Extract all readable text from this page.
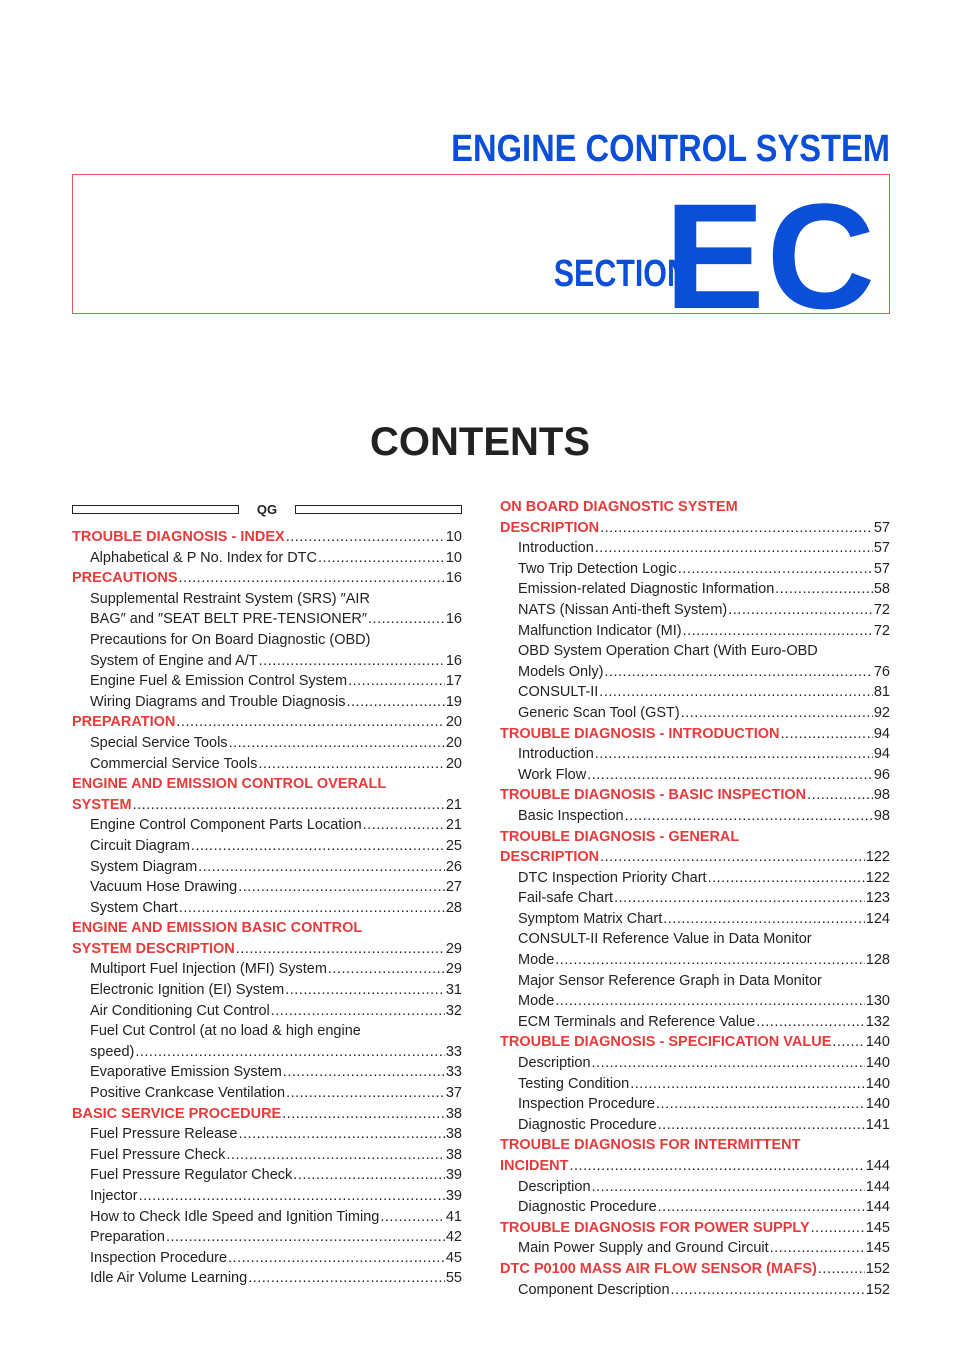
ENGINE CONTROL SYSTEM
SECTION
EC
CONTENTS
QG
TROUBLE DIAGNOSIS - INDEX .....	10
Alphabetical & P No. Index for DTC .....	10
PRECAUTIONS .....	16
Supplemental Restraint System (SRS) ″AIR
BAG″ and ″SEAT BELT PRE-TENSIONER″ .....	16
Precautions for On Board Diagnostic (OBD)
System of Engine and A/T .....	16
Engine Fuel & Emission Control System .....	17
Wiring Diagrams and Trouble Diagnosis .....	19
PREPARATION .....	20
Special Service Tools .....	20
Commercial Service Tools .....	20
ENGINE AND EMISSION CONTROL OVERALL
SYSTEM .....	21
Engine Control Component Parts Location .....	21
Circuit Diagram .....	25
System Diagram .....	26
Vacuum Hose Drawing .....	27
System Chart .....	28
ENGINE AND EMISSION BASIC CONTROL
SYSTEM DESCRIPTION .....	29
Multiport Fuel Injection (MFI) System .....	29
Electronic Ignition (EI) System .....	31
Air Conditioning Cut Control .....	32
Fuel Cut Control (at no load & high engine
speed) .....	33
Evaporative Emission System .....	33
Positive Crankcase Ventilation .....	37
BASIC SERVICE PROCEDURE .....	38
Fuel Pressure Release .....	38
Fuel Pressure Check .....	38
Fuel Pressure Regulator Check .....	39
Injector .....	39
How to Check Idle Speed and Ignition Timing .....	41
Preparation .....	42
Inspection Procedure .....	45
Idle Air Volume Learning .....	55
ON BOARD DIAGNOSTIC SYSTEM
DESCRIPTION .....	57
Introduction .....	57
Two Trip Detection Logic .....	57
Emission-related Diagnostic Information .....	58
NATS (Nissan Anti-theft System) .....	72
Malfunction Indicator (MI) .....	72
OBD System Operation Chart (With Euro-OBD
Models Only) .....	76
CONSULT-II .....	81
Generic Scan Tool (GST) .....	92
TROUBLE DIAGNOSIS - INTRODUCTION .....	94
Introduction .....	94
Work Flow .....	96
TROUBLE DIAGNOSIS - BASIC INSPECTION .....	98
Basic Inspection .....	98
TROUBLE DIAGNOSIS - GENERAL
DESCRIPTION .....	122
DTC Inspection Priority Chart .....	122
Fail-safe Chart .....	123
Symptom Matrix Chart .....	124
CONSULT-II Reference Value in Data Monitor
Mode .....	128
Major Sensor Reference Graph in Data Monitor
Mode .....	130
ECM Terminals and Reference Value .....	132
TROUBLE DIAGNOSIS - SPECIFICATION VALUE ..... 140
Description .....	140
Testing Condition .....	140
Inspection Procedure .....	140
Diagnostic Procedure .....	141
TROUBLE DIAGNOSIS FOR INTERMITTENT
INCIDENT .....	144
Description .....	144
Diagnostic Procedure .....	144
TROUBLE DIAGNOSIS FOR POWER SUPPLY .....	145
Main Power Supply and Ground Circuit .....	145
DTC P0100 MASS AIR FLOW SENSOR (MAFS) .....	152
Component Description .....	152
